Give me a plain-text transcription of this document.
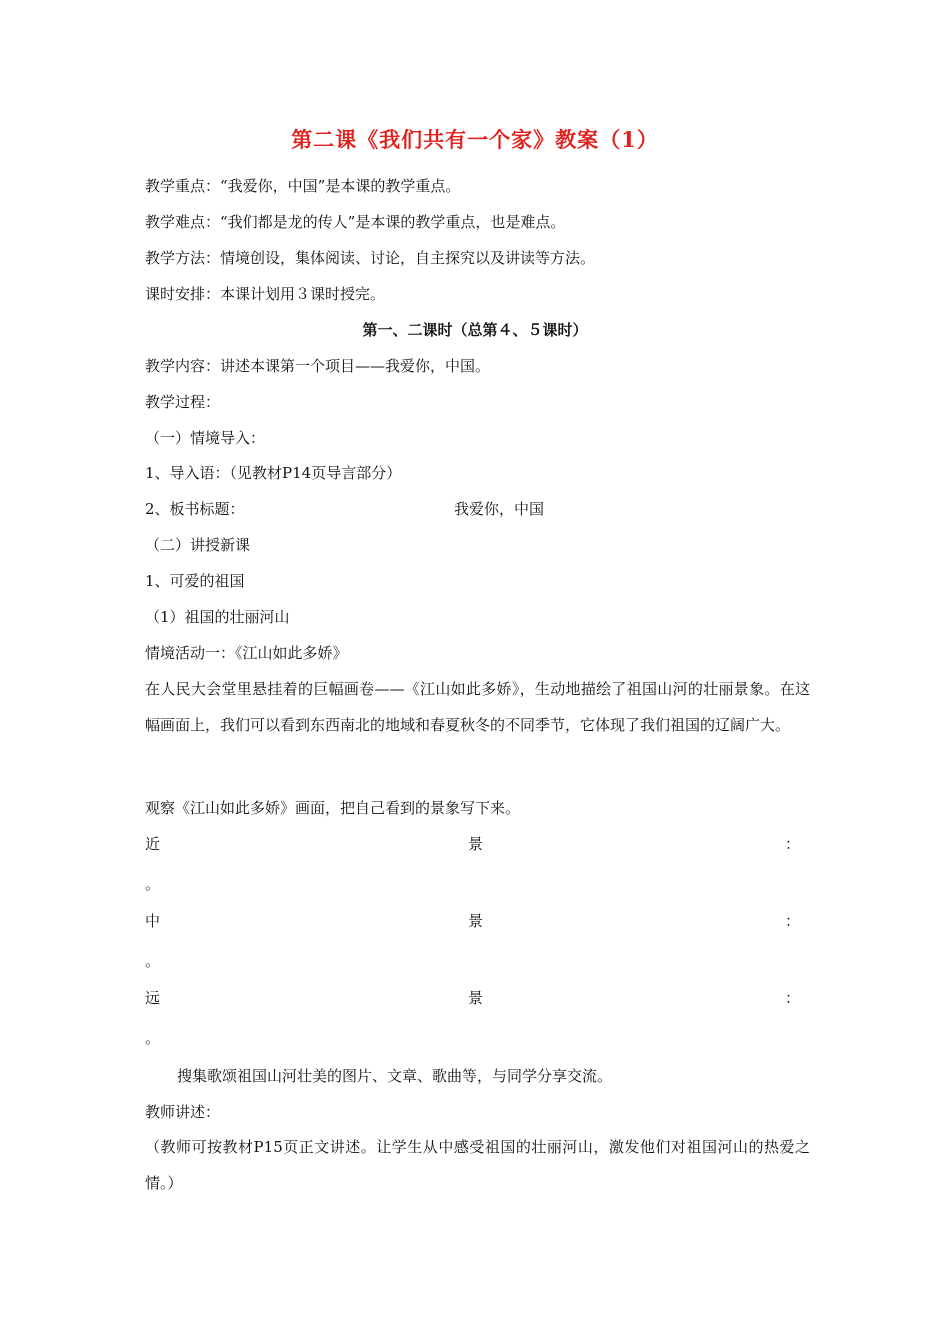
第二课《我们共有一个家》教案（1）
教学重点：“我爱你，中国”是本课的教学重点。
教学难点：“我们都是龙的传人”是本课的教学重点，也是难点。
教学方法：情境创设，集体阅读、讨论，自主探究以及讲读等方法。
课时安排：本课计划用３课时授完。
第一、二课时（总第４、５课时）
教学内容：讲述本课第一个项目——我爱你，中国。
教学过程：
（一）情境导入：
1、导入语：（见教材P14页导言部分）
2、板书标题：	我爱你，中国
（二）讲授新课
1、可爱的祖国
（1）祖国的壮丽河山
情境活动一：《江山如此多娇》
在人民大会堂里悬挂着的巨幅画卷——《江山如此多娇》，生动地描绘了祖国山河的壮丽景象。在这幅画面上，我们可以看到东西南北的地域和春夏秋冬的不同季节，它体现了我们祖国的辽阔广大。
观察《江山如此多娇》画面，把自己看到的景象写下来。
近	景	：
。
中	景	：
。
远	景	：
。
搜集歌颂祖国山河壮美的图片、文章、歌曲等，与同学分享交流。
教师讲述：
（教师可按教材P15页正文讲述。让学生从中感受祖国的壮丽河山，激发他们对祖国河山的热爱之情。）
